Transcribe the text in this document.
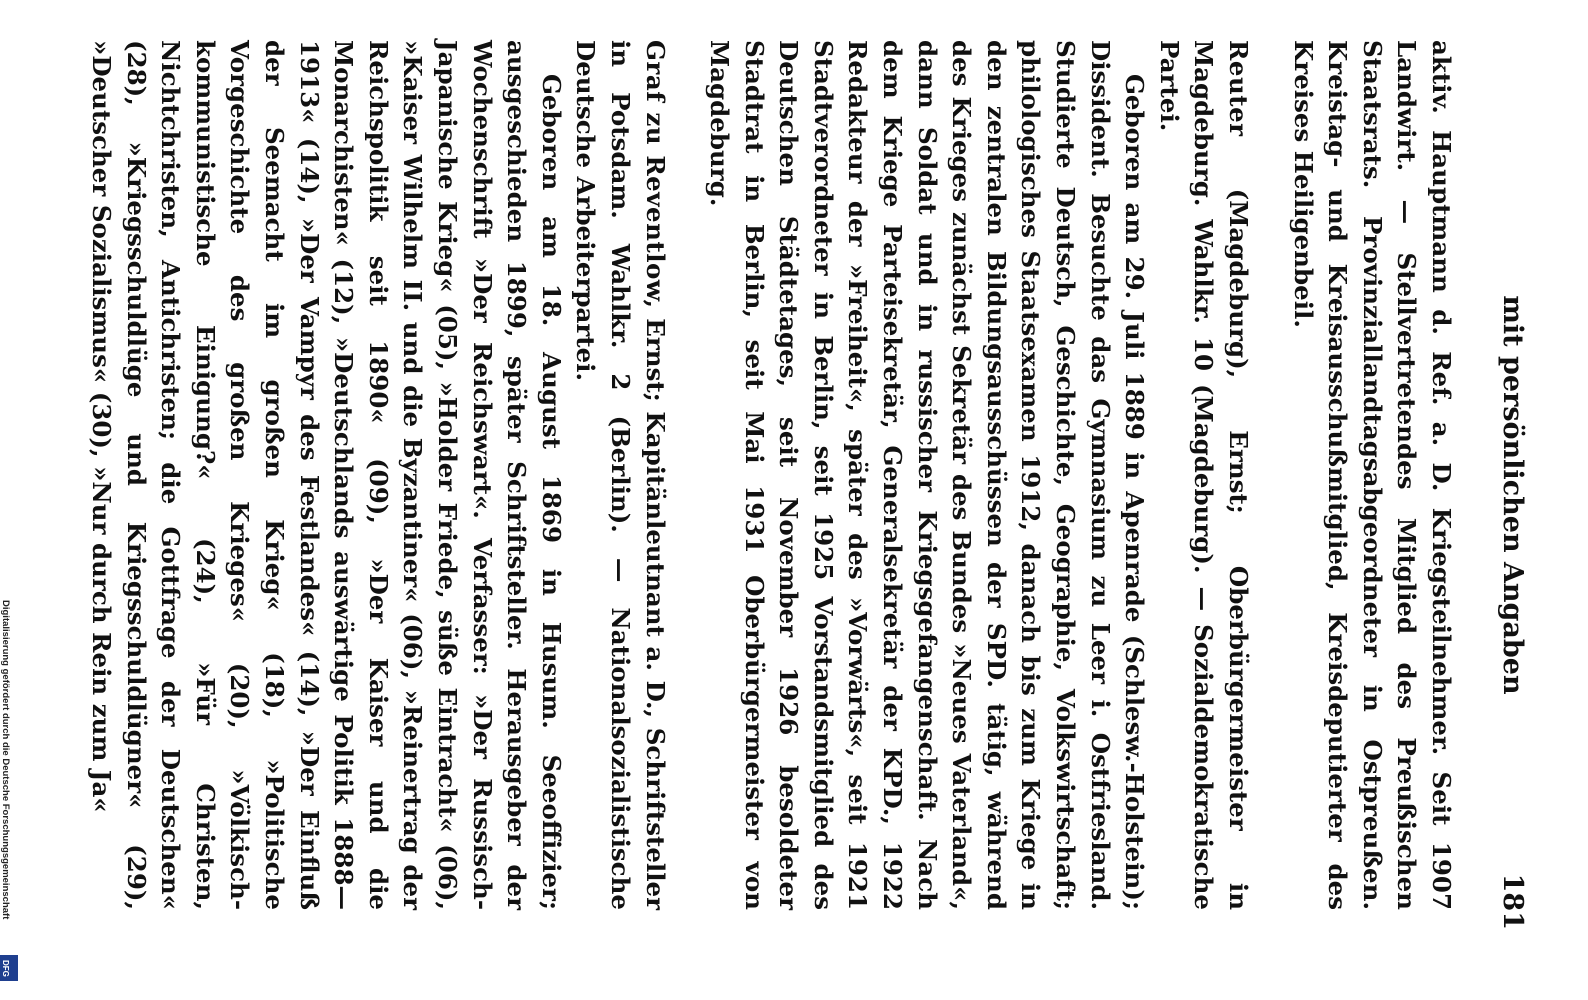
mit persönlichen Angaben
181

aktiv. Hauptmann d. Ref. a. D. Kriegsteilnehmer. Seit 1907 Landwirt. — Stellvertretendes Mitglied des Preußischen Staatsrats. Provinziallandtagsabgeordneter in Ostpreußen. Kreistag- und Kreisausschußmitglied, Kreisdeputierter des Kreises Heiligenbeil.

Reuter (Magdeburg), Ernst; Oberbürgermeister in Magdeburg. Wahlkr. 10 (Magdeburg). — Sozialdemokratische Partei.

Geboren am 29. Juli 1889 in Apenrade (Schlesw.-Holstein); Dissident. Besuchte das Gymnasium zu Leer i. Ostfriesland. Studierte Deutsch, Geschichte, Geographie, Volkswirtschaft; philologisches Staatsexamen 1912, danach bis zum Kriege in den zentralen Bildungsausschüssen der SPD. tätig, während des Krieges zunächst Sekretär des Bundes »Neues Vaterland«, dann Soldat und in russischer Kriegsgefangenschaft. Nach dem Kriege Parteisekretär, Generalsekretär der KPD., 1922 Redakteur der »Freiheit«, später des »Vorwärts«, seit 1921 Stadtverordneter in Berlin, seit 1925 Vorstandsmitglied des Deutschen Städtetages, seit November 1926 besoldeter Stadtrat in Berlin, seit Mai 1931 Oberbürgermeister von Magdeburg.

Graf zu Reventlow, Ernst; Kapitänleutnant a. D., Schriftsteller in Potsdam. Wahlkr. 2 (Berlin). — Nationalsozialistische Deutsche Arbeiterpartei.

Geboren am 18. August 1869 in Husum. Seeoffizier; ausgeschieden 1899, später Schriftsteller. Herausgeber der Wochenschrift »Der Reichswart«. Verfasser: »Der Russisch-Japanische Krieg« (05), »Holder Friede, süße Eintracht« (06), »Kaiser Wilhelm II. und die Byzantiner« (06), »Reinertrag der Reichspolitik seit 1890« (09), »Der Kaiser und die Monarchisten« (12), »Deutschlands auswärtige Politik 1888—1913« (14), »Der Vampyr des Festlandes« (14), »Der Einfluß der Seemacht im großen Krieg« (18), »Politische Vorgeschichte des großen Krieges« (20), »Völkisch-kommunistische Einigung?« (24), »Für Christen, Nichtchristen, Antichristen; die Gottfrage der Deutschen« (28), »Kriegsschuldlüge und Kriegsschuldlügner« (29), »Deutscher Sozialismus« (30), »Nur durch Rein zum Ja«

Digitalisierung gefördert durch die Deutsche Forschungsgemeinschaft
DFG
